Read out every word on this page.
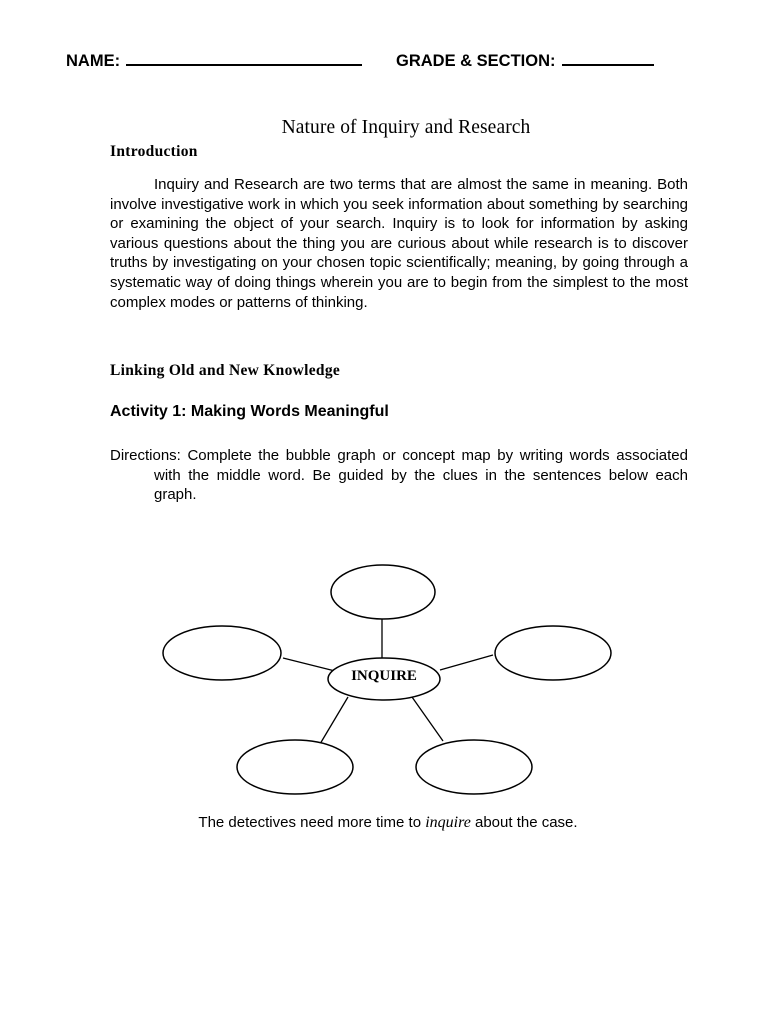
NAME:	GRADE & SECTION:
Nature of Inquiry and Research
Introduction

Inquiry and Research are two terms that are almost the same in meaning. Both involve investigative work in which you seek information about something by searching or examining the object of your search. Inquiry is to look for information by asking various questions about the thing you are curious about while research is to discover truths by investigating on your chosen topic scientifically; meaning, by going through a systematic way of doing things wherein you are to begin from the simplest to the most complex modes or patterns of thinking.

Linking Old and New Knowledge
Activity 1: Making Words Meaningful

Directions: Complete the bubble graph or concept map by writing words associated with the middle word. Be guided by the clues in the sentences below each graph.

INQUIRE

The detectives need more time to inquire about the case.
